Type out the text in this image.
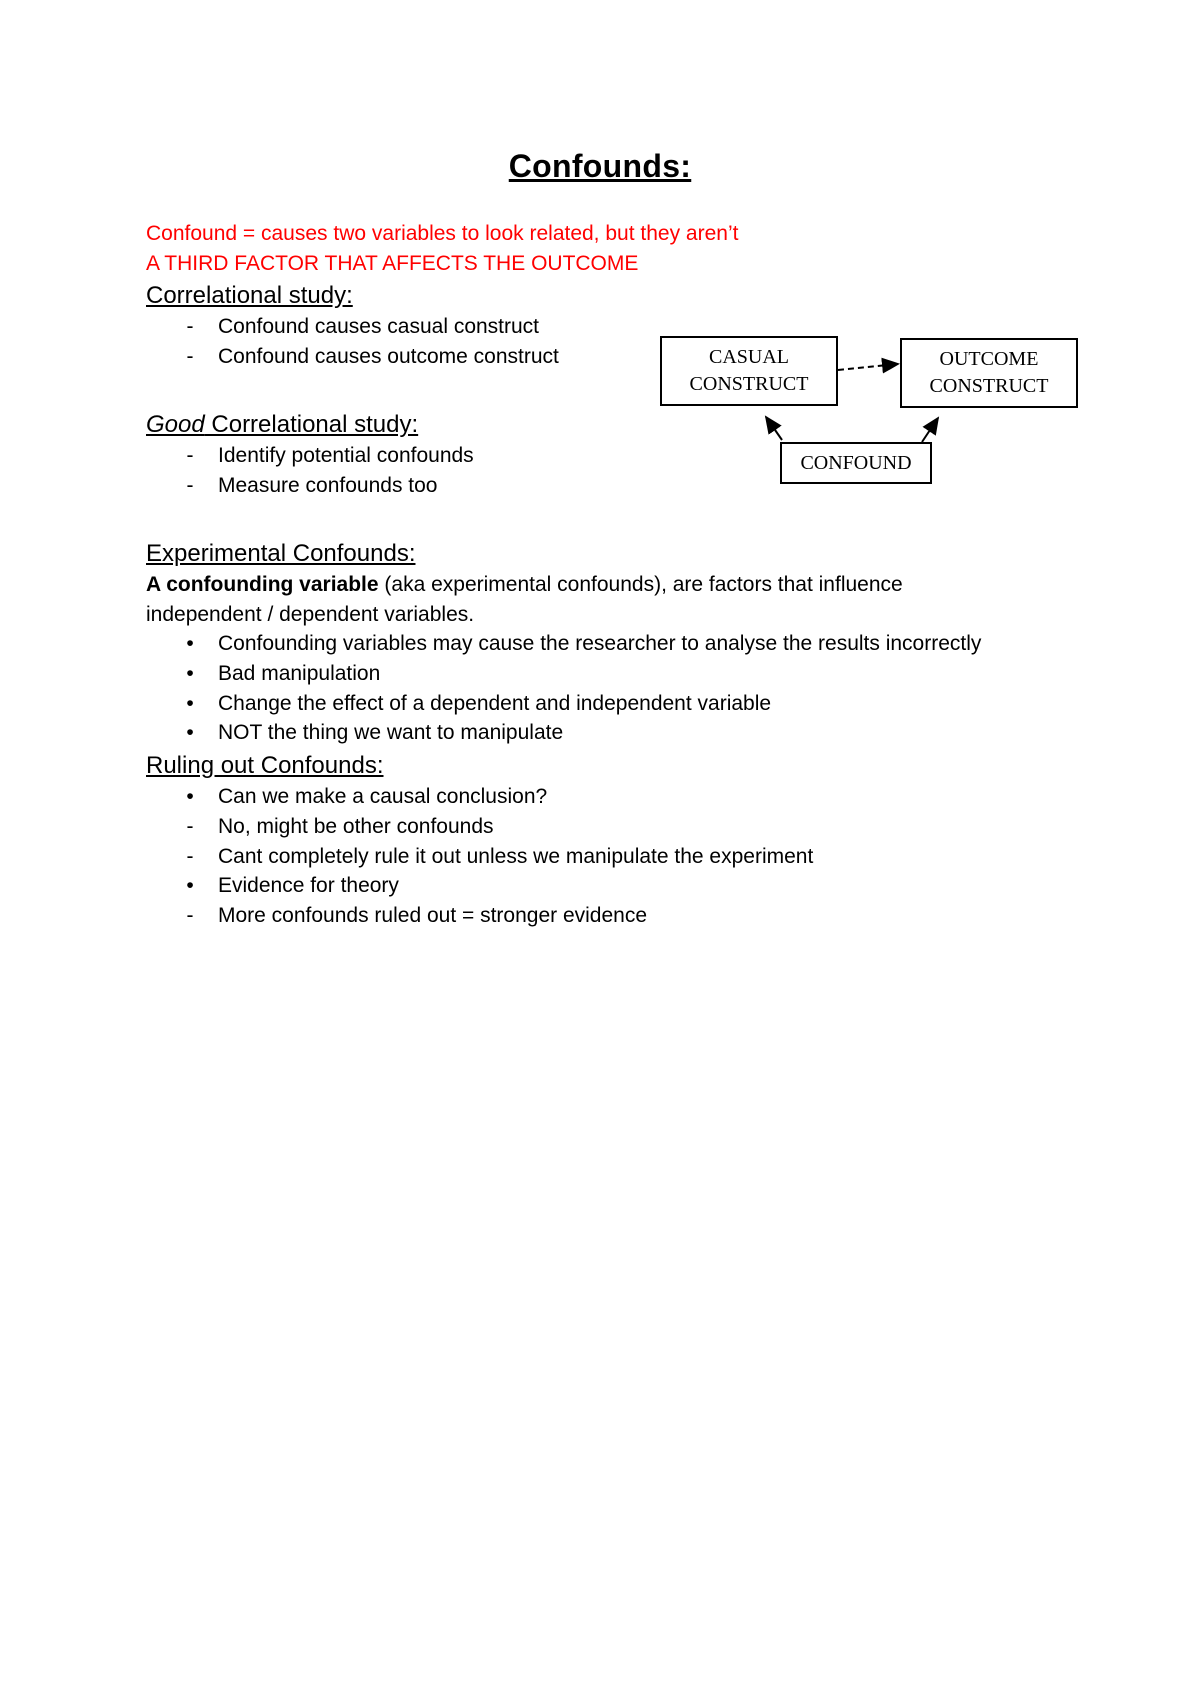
Confounds:
Confound = causes two variables to look related, but they aren’t
A THIRD FACTOR THAT AFFECTS THE OUTCOME
Correlational study:
-	Confound causes casual construct
-	Confound causes outcome construct
Good Correlational study:
-	Identify potential confounds
-	Measure confounds too
CASUAL CONSTRUCT
OUTCOME CONSTRUCT
CONFOUND
Experimental Confounds:
A confounding variable (aka experimental confounds), are factors that influence
independent / dependent variables.
•	Confounding variables may cause the researcher to analyse the results incorrectly
•	Bad manipulation
•	Change the effect of a dependent and independent variable
•	NOT the thing we want to manipulate
Ruling out Confounds:
•	Can we make a causal conclusion?
-	No, might be other confounds
-	Cant completely rule it out unless we manipulate the experiment
•	Evidence for theory
-	More confounds ruled out = stronger evidence
